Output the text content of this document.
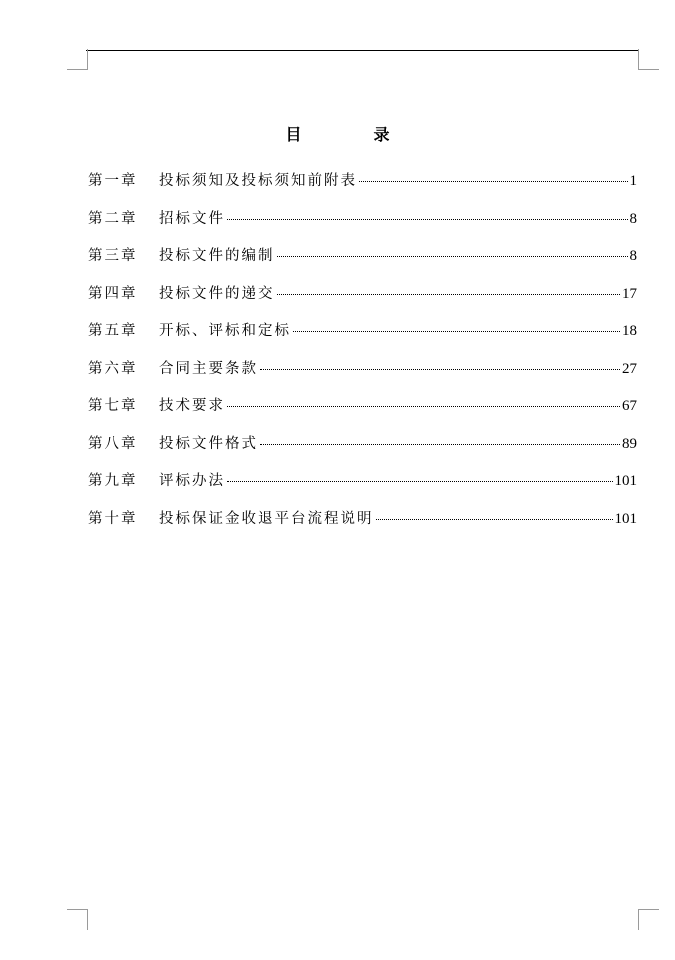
目　录
第一章	投标须知及投标须知前附表	1
第二章	招标文件	8
第三章	投标文件的编制	8
第四章	投标文件的递交	17
第五章	开标、评标和定标	18
第六章	合同主要条款	27
第七章	技术要求	67
第八章	投标文件格式	89
第九章	评标办法	101
第十章	投标保证金收退平台流程说明	101
